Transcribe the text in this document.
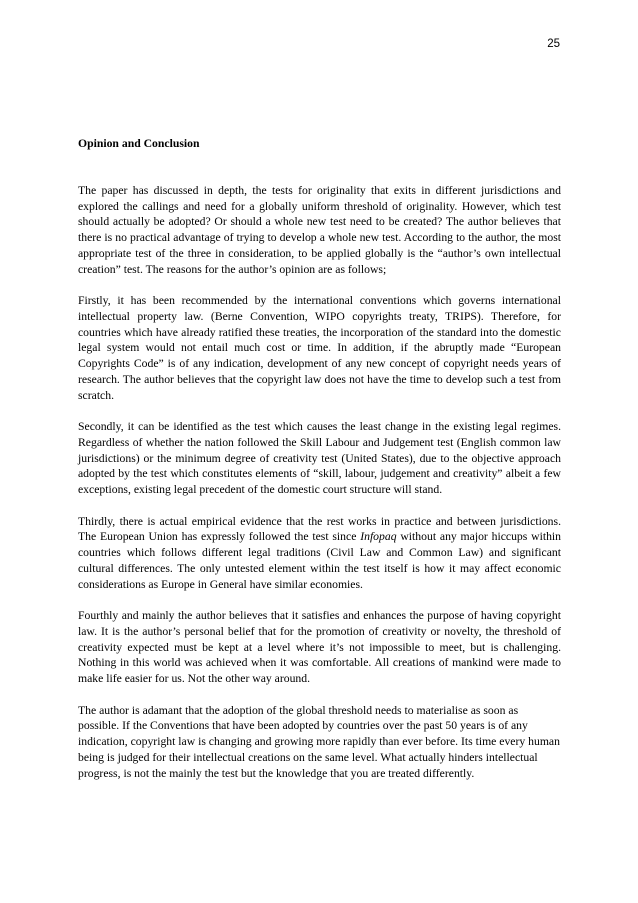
25

Opinion and Conclusion

The paper has discussed in depth, the tests for originality that exits in different jurisdictions and explored the callings and need for a globally uniform threshold of originality. However, which test should actually be adopted? Or should a whole new test need to be created? The author believes that there is no practical advantage of trying to develop a whole new test. According to the author, the most appropriate test of the three in consideration, to be applied globally is the “author’s own intellectual creation” test. The reasons for the author’s opinion are as follows;

Firstly, it has been recommended by the international conventions which governs international intellectual property law. (Berne Convention, WIPO copyrights treaty, TRIPS). Therefore, for countries which have already ratified these treaties, the incorporation of the standard into the domestic legal system would not entail much cost or time. In addition, if the abruptly made “European Copyrights Code” is of any indication, development of any new concept of copyright needs years of research. The author believes that the copyright law does not have the time to develop such a test from scratch.

Secondly, it can be identified as the test which causes the least change in the existing legal regimes. Regardless of whether the nation followed the Skill Labour and Judgement test (English common law jurisdictions) or the minimum degree of creativity test (United States), due to the objective approach adopted by the test which constitutes elements of “skill, labour, judgement and creativity” albeit a few exceptions, existing legal precedent of the domestic court structure will stand.

Thirdly, there is actual empirical evidence that the rest works in practice and between jurisdictions. The European Union has expressly followed the test since Infopaq without any major hiccups within countries which follows different legal traditions (Civil Law and Common Law) and significant cultural differences. The only untested element within the test itself is how it may affect economic considerations as Europe in General have similar economies.

Fourthly and mainly the author believes that it satisfies and enhances the purpose of having copyright law. It is the author’s personal belief that for the promotion of creativity or novelty, the threshold of creativity expected must be kept at a level where it’s not impossible to meet, but is challenging. Nothing in this world was achieved when it was comfortable. All creations of mankind were made to make life easier for us. Not the other way around.

The author is adamant that the adoption of the global threshold needs to materialise as soon as possible. If the Conventions that have been adopted by countries over the past 50 years is of any indication, copyright law is changing and growing more rapidly than ever before. Its time every human being is judged for their intellectual creations on the same level. What actually hinders intellectual progress, is not the mainly the test but the knowledge that you are treated differently.
